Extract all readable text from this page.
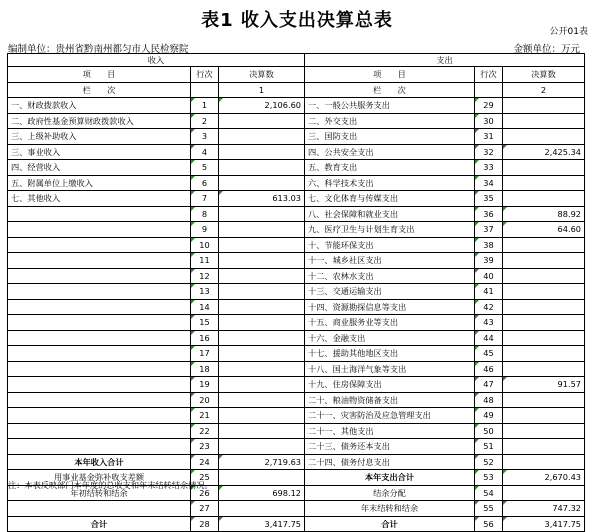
表1 收入支出决算总表
公开01表
编制单位：贵州省黔南州都匀市人民检察院	金额单位：万元
收入			支出		
项　　目	行次	决算数	项　　目	行次	决算数
栏　　次		1	栏　　次		2
一、财政拨款收入	1	2,106.60	一、一般公共服务支出	29	
二、政府性基金预算财政拨款收入	2		二、外交支出	30	
三、上级补助收入	3		三、国防支出	31	
三、事业收入	4		四、公共安全支出	32	2,425.34
四、经营收入	5		五、教育支出	33	
五、附属单位上缴收入	6		六、科学技术支出	34	
七、其他收入	7	613.03	七、文化体育与传媒支出	35	
	8		八、社会保障和就业支出	36	88.92
	9		九、医疗卫生与计划生育支出	37	64.60
	10		十、节能环保支出	38	
	11		十一、城乡社区支出	39	
	12		十二、农林水支出	40	
	13		十三、交通运输支出	41	
	14		十四、资源勘探信息等支出	42	
	15		十五、商业服务业等支出	43	
	16		十六、金融支出	44	
	17		十七、援助其他地区支出	45	
	18		十八、国土海洋气象等支出	46	
	19		十九、住房保障支出	47	91.57
	20		二十、粮油物资储备支出	48	
	21		二十一、灾害防治及应急管理支出	49	
	22		二十一、其他支出	50	
	23		二十三、债务还本支出	51	
本年收入合计	24	2,719.63	二十四、债务付息支出	52	
用事业基金弥补收支差额	25		本年支出合计	53	2,670.43
年初结转和结余	26	698.12	结余分配	54	
	27		年末结转和结余	55	747.32
合计	28	3,417.75	合计	56	3,417.75
注：本表反映部门本年度的总收支和年末结转结余情况。
